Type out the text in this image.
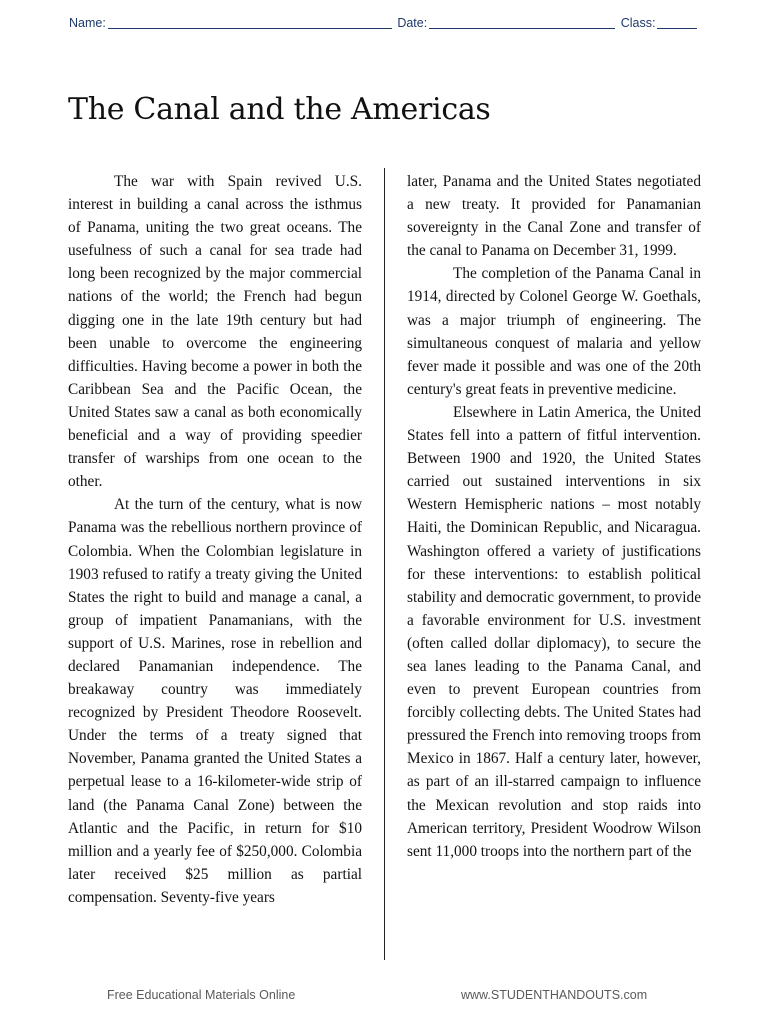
Name:	Date:	Class:
The Canal and the Americas

The war with Spain revived U.S. interest in building a canal across the isthmus of Panama, uniting the two great oceans. The usefulness of such a canal for sea trade had long been recognized by the major commercial nations of the world; the French had begun digging one in the late 19th century but had been unable to overcome the engineering difficulties. Having become a power in both the Caribbean Sea and the Pacific Ocean, the United States saw a canal as both economically beneficial and a way of providing speedier transfer of warships from one ocean to the other.

At the turn of the century, what is now Panama was the rebellious northern province of Colombia. When the Colombian legislature in 1903 refused to ratify a treaty giving the United States the right to build and manage a canal, a group of impatient Panamanians, with the support of U.S. Marines, rose in rebellion and declared Panamanian independence. The breakaway country was immediately recognized by President Theodore Roosevelt. Under the terms of a treaty signed that November, Panama granted the United States a perpetual lease to a 16-kilometer-wide strip of land (the Panama Canal Zone) between the Atlantic and the Pacific, in return for $10 million and a yearly fee of $250,000. Colombia later received $25 million as partial compensation. Seventy-five years

later, Panama and the United States negotiated a new treaty. It provided for Panamanian sovereignty in the Canal Zone and transfer of the canal to Panama on December 31, 1999.

The completion of the Panama Canal in 1914, directed by Colonel George W. Goethals, was a major triumph of engineering. The simultaneous conquest of malaria and yellow fever made it possible and was one of the 20th century's great feats in preventive medicine.

Elsewhere in Latin America, the United States fell into a pattern of fitful intervention. Between 1900 and 1920, the United States carried out sustained interventions in six Western Hemispheric nations – most notably Haiti, the Dominican Republic, and Nicaragua. Washington offered a variety of justifications for these interventions: to establish political stability and democratic government, to provide a favorable environment for U.S. investment (often called dollar diplomacy), to secure the sea lanes leading to the Panama Canal, and even to prevent European countries from forcibly collecting debts. The United States had pressured the French into removing troops from Mexico in 1867. Half a century later, however, as part of an ill-starred campaign to influence the Mexican revolution and stop raids into American territory, President Woodrow Wilson sent 11,000 troops into the northern part of the

Free Educational Materials Online	www.STUDENTHANDOUTS.com
